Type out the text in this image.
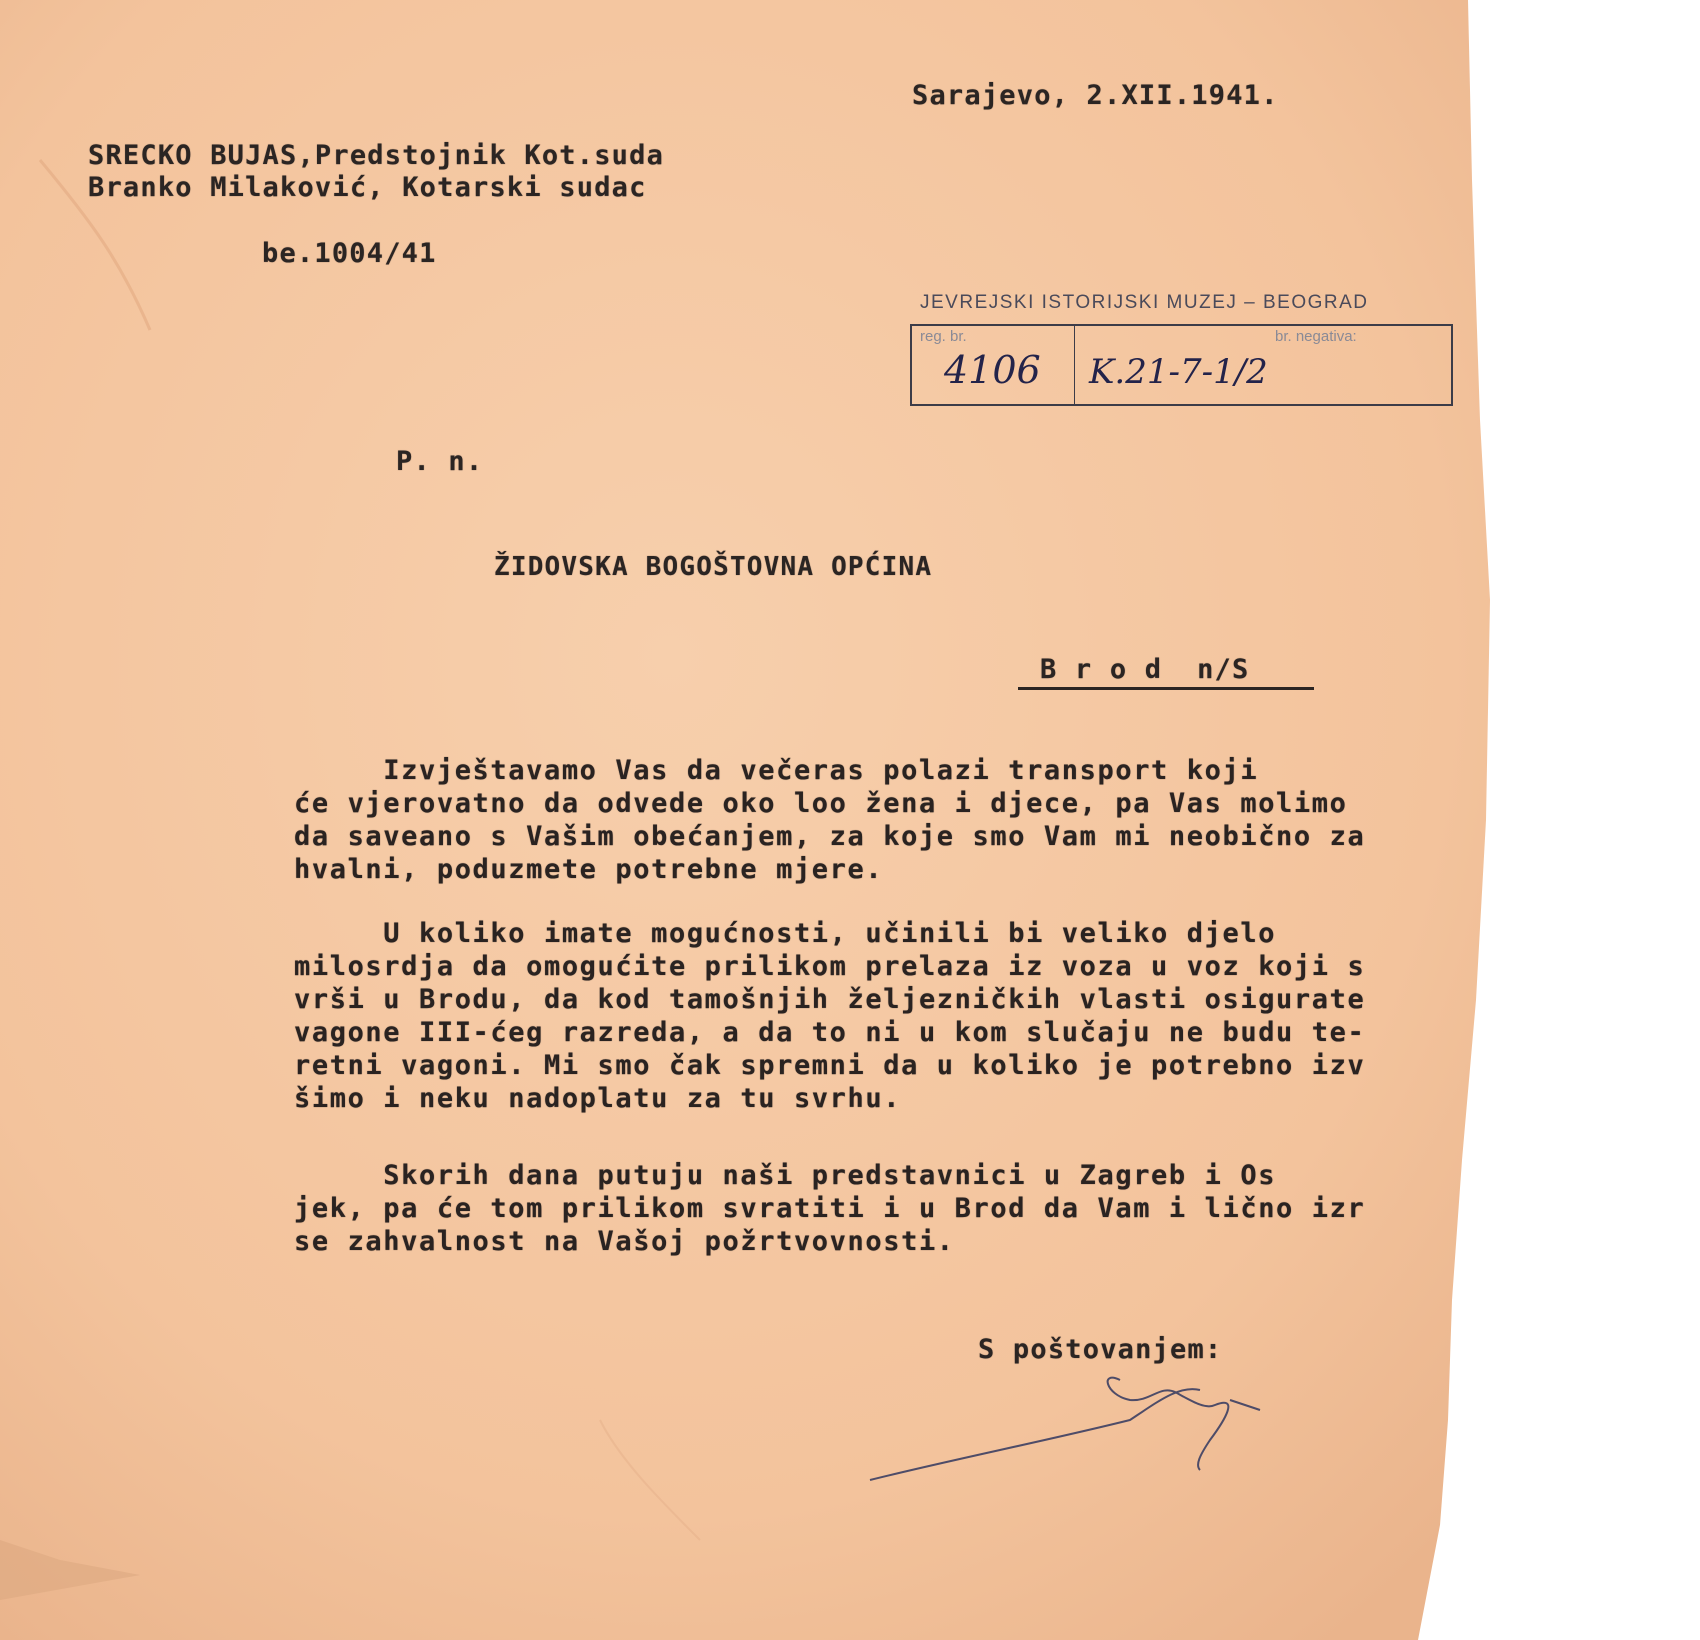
Sarajevo, 2.XII.1941.
SRECKO BUJAS,Predstojnik Kot.suda
Branko Milaković, Kotarski sudac
be.1004/41
JEVREJSKI ISTORIJSKI MUZEJ – BEOGRAD
reg. br.
4106
br. negativa:
K.21-7-1/2
P. n.
ŽIDOVSKA BOGOŠTOVNA OPĆINA
B r o d  n/S
Izvještavamo Vas da večeras polazi transport koji
će vjerovatno da odvede oko loo žena i djece, pa Vas molimo
da saveano s Vašim obećanjem, za koje smo Vam mi neobično za
hvalni, poduzmete potrebne mjere.
U koliko imate mogućnosti, učinili bi veliko djelo
milosrdja da omogućite prilikom prelaza iz voza u voz koji s
vrši u Brodu, da kod tamošnjih željezničkih vlasti osigurate
vagone III-ćeg razreda, a da to ni u kom slučaju ne budu te-
retni vagoni. Mi smo čak spremni da u koliko je potrebno izv
šimo i neku nadoplatu za tu svrhu.
Skorih dana putuju naši predstavnici u Zagreb i Os
jek, pa će tom prilikom svratiti i u Brod da Vam i lično izr
se zahvalnost na Vašoj požrtvovnosti.
S poštovanjem:
